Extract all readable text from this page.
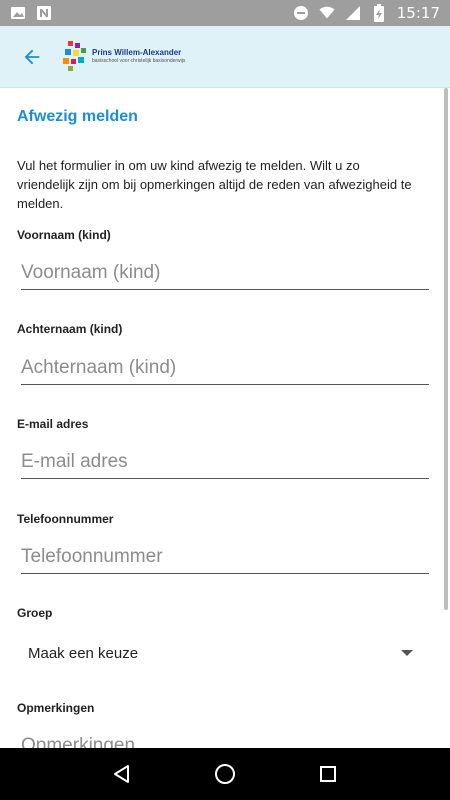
15:17
Prins Willem-Alexander
basisschool voor christelijk basisonderwijs
Afwezig melden

Vul het formulier in om uw kind afwezig te melden. Wilt u zo vriendelijk zijn om bij opmerkingen altijd de reden van afwezigheid te melden.

Voornaam (kind)
Voornaam (kind)
Achternaam (kind)
Achternaam (kind)
E-mail adres
E-mail adres
Telefoonnummer
Telefoonnummer
Groep
Maak een keuze
Opmerkingen
Opmerkingen
